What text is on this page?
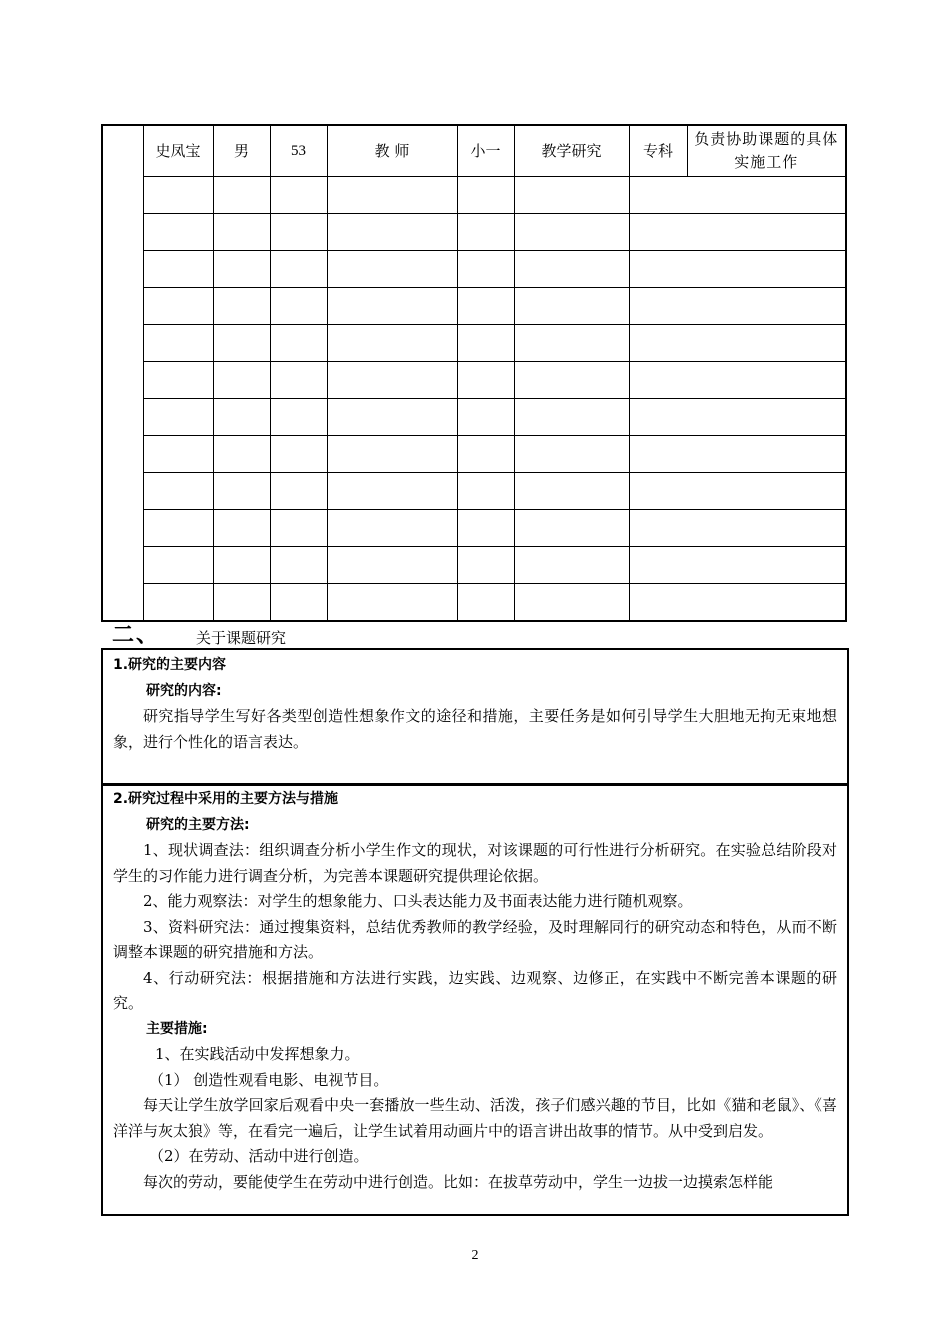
	史凤宝	男	53	教 师	小一	教学研究	专科	负责协助课题的具体实施工作

二、 关于课题研究

1.研究的主要内容

研究的内容:

研究指导学生写好各类型创造性想象作文的途径和措施，主要任务是如何引导学生大胆地无拘无束地想象，进行个性化的语言表达。

2.研究过程中采用的主要方法与措施

研究的主要方法:

1、现状调查法：组织调查分析小学生作文的现状，对该课题的可行性进行分析研究。在实验总结阶段对学生的习作能力进行调查分析，为完善本课题研究提供理论依据。

2、能力观察法：对学生的想象能力、口头表达能力及书面表达能力进行随机观察。

3、资料研究法：通过搜集资料，总结优秀教师的教学经验，及时理解同行的研究动态和特色，从而不断调整本课题的研究措施和方法。

4、行动研究法：根据措施和方法进行实践，边实践、边观察、边修正，在实践中不断完善本课题的研究。

主要措施:

1、在实践活动中发挥想象力。

（1） 创造性观看电影、电视节目。

每天让学生放学回家后观看中央一套播放一些生动、活泼，孩子们感兴趣的节目，比如《猫和老鼠》、《喜洋洋与灰太狼》等，在看完一遍后，让学生试着用动画片中的语言讲出故事的情节。从中受到启发。

（2）在劳动、活动中进行创造。

每次的劳动，要能使学生在劳动中进行创造。比如：在拔草劳动中，学生一边拔一边摸索怎样能

2
